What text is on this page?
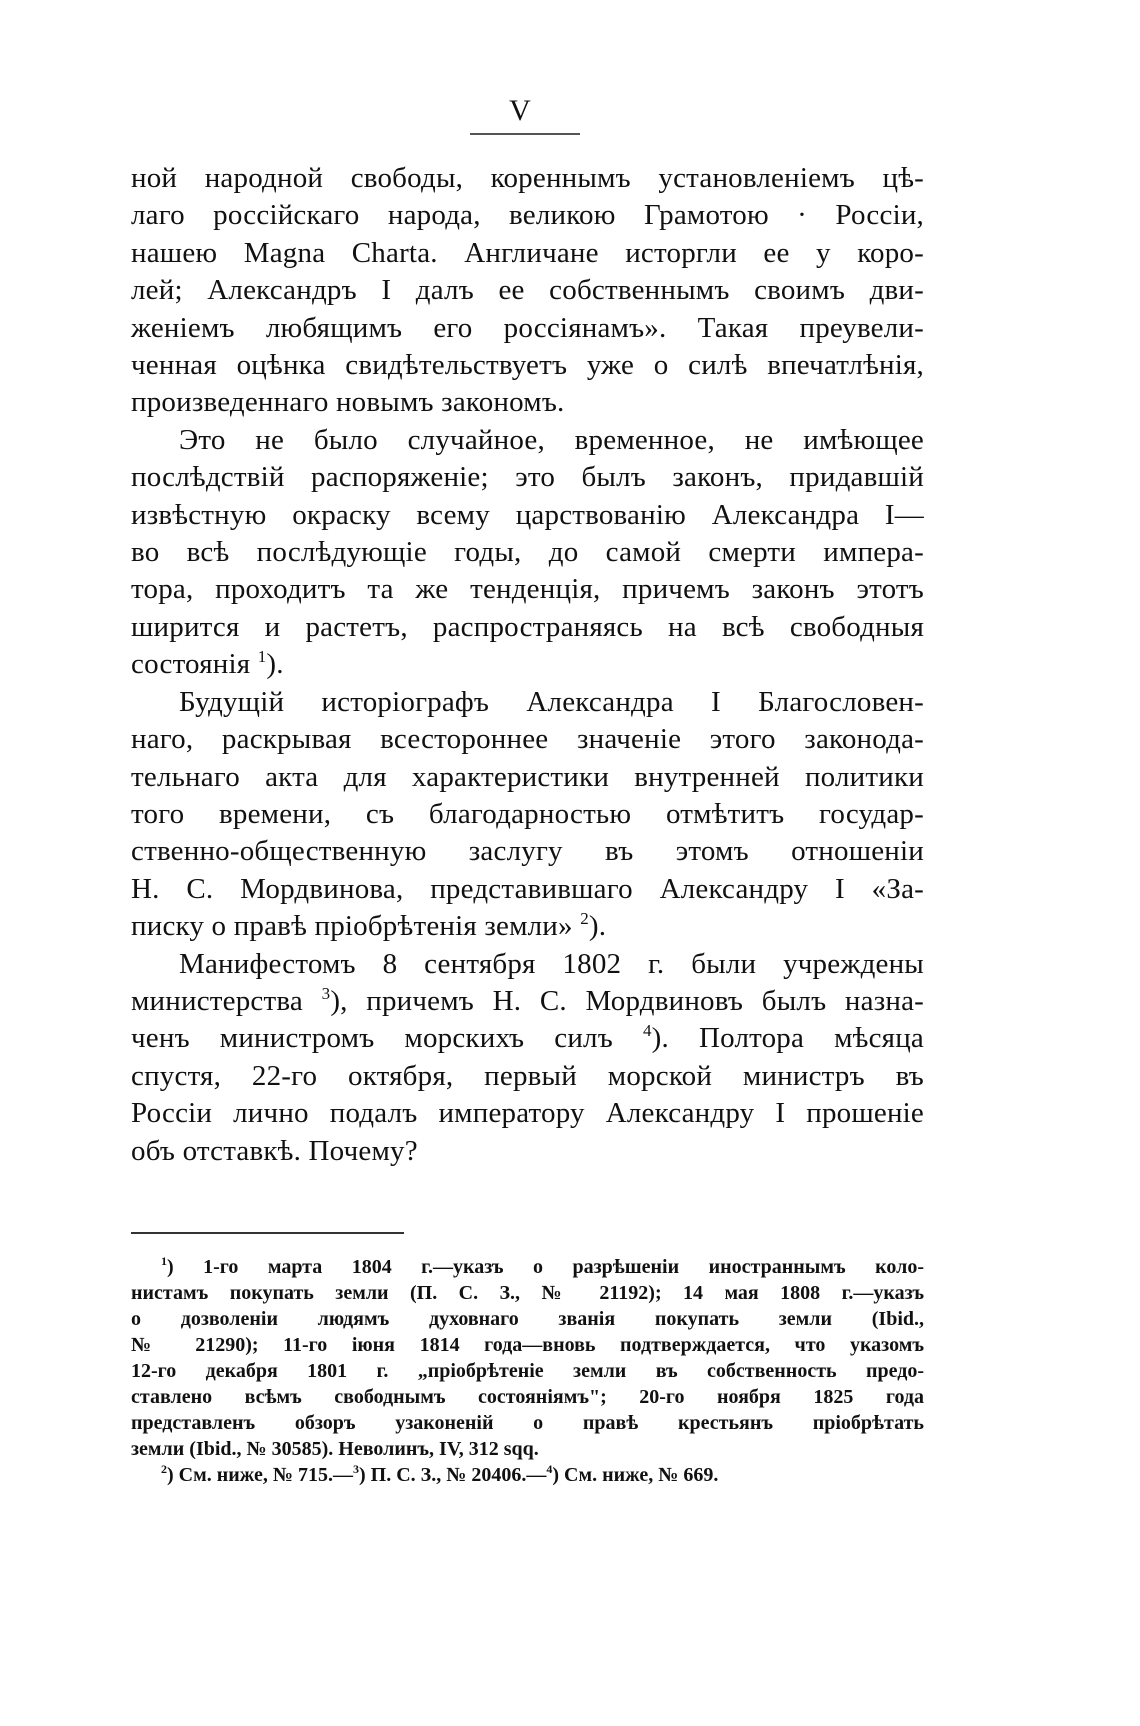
V
ной народной свободы, кореннымъ установленіемъ цѣ-
лаго россійскаго народа, великою Грамотою · Россіи,
нашею Magna Charta. Англичане исторгли ее у коро-
лей; Александръ I далъ ее собственнымъ своимъ дви-
женіемъ любящимъ его россіянамъ». Такая преувели-
ченная оцѣнка свидѣтельствуетъ уже о силѣ впечатлѣнія,
произведеннаго новымъ закономъ.
Это не было случайное, временное, не имѣющее
послѣдствій распоряженіе; это былъ законъ, придавшій
извѣстную окраску всему царствованію Александра I—
во всѣ послѣдующіе годы, до самой смерти импера-
тора, проходитъ та же тенденція, причемъ законъ этотъ
ширится и растетъ, распространяясь на всѣ свободныя
состоянія $^1$).
Будущій исторіографъ Александра I Благословен-
наго, раскрывая всестороннее значеніе этого законода-
тельнаго акта для характеристики внутренней политики
того времени, съ благодарностью отмѣтитъ государ-
ственно-общественную заслугу въ этомъ отношеніи
Н. С. Мордвинова, представившаго Александру I «За-
писку о правѣ пріобрѣтенія земли» $^2$).
Манифестомъ 8 сентября 1802 г. были учреждены
министерства $^3$), причемъ Н. С. Мордвиновъ былъ назна-
ченъ министромъ морскихъ силъ $^4$). Полтора мѣсяца
спустя, 22-го октября, первый морской министръ въ
Россіи лично подалъ императору Александру I прошеніе
объ отставкѣ. Почему?
$^1$) 1-го марта 1804 г.—указъ о разрѣшеніи иностраннымъ коло-
нистамъ покупать земли (П. С. З., № 21192); 14 мая 1808 г.—указъ
о дозволеніи людямъ духовнаго званія покупать земли (Ibid.,
№ 21290); 11-го іюня 1814 года—вновь подтверждается, что указомъ
12-го декабря 1801 г. „пріобрѣтеніе земли въ собственность предо-
ставлено всѣмъ свободнымъ состояніямъ"; 20-го ноября 1825 года
представленъ обзоръ узаконеній о правѣ крестьянъ пріобрѣтать
земли (Ibid., № 30585). Неволинъ, IV, 312 sqq.
$^2$) См. ниже, № 715.—$^3$) П. С. З., № 20406.—$^4$) См. ниже, № 669.
